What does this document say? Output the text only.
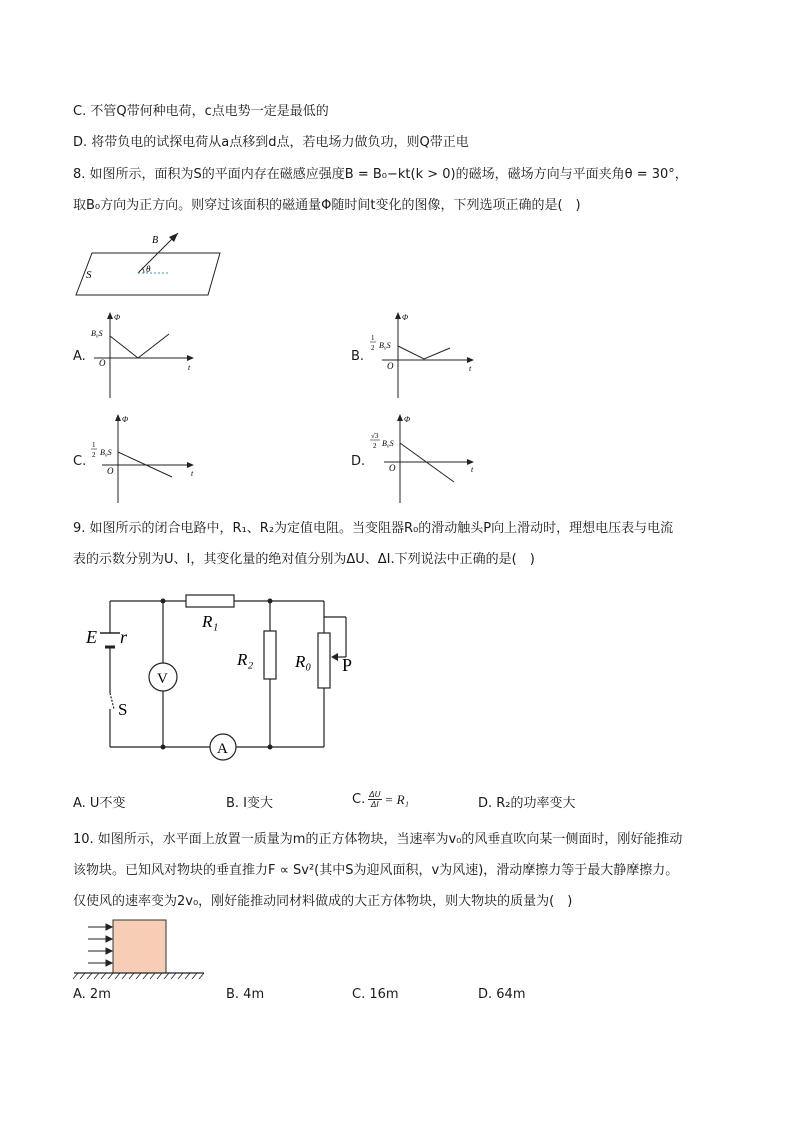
C. 不管Q带何种电荷，c点电势一定是最低的
D. 将带负电的试探电荷从a点移到d点，若电场力做负功，则Q带正电
8. 如图所示，面积为S的平面内存在磁感应强度B = B₀−kt(k > 0)的磁场，磁场方向与平面夹角θ = 30°，
取B₀方向为正方向。则穿过该面积的磁通量Φ随时间t变化的图像，下列选项正确的是(　)
S
B
θ
A.
Φ
t
O
B₀S
B.
Φ
t
O
1
2 B₀S
C.
Φ
t
O
1
2 B₀S
D.
Φ
t
O
√3
2 B₀S
9. 如图所示的闭合电路中，R₁、R₂为定值电阻。当变阻器R₀的滑动触头P向上滑动时，理想电压表与电流
表的示数分别为U、I，其变化量的绝对值分别为ΔU、ΔI.下列说法中正确的是(　)
E r
R₁
R₂ R₀ P
S
V
A
A. U不变	B. I变大	C. $\frac{\Delta U}{\Delta I} = R_1$	D. R₂的功率变大
10. 如图所示，水平面上放置一质量为m的正方体物块，当速率为v₀的风垂直吹向某一侧面时，刚好能推动
该物块。已知风对物块的垂直推力F ∝ Sv²(其中S为迎风面积，v为风速)，滑动摩擦力等于最大静摩擦力。
仅使风的速率变为2v₀，刚好能推动同材料做成的大正方体物块，则大物块的质量为(　)
A. 2m	B. 4m	C. 16m	D. 64m
